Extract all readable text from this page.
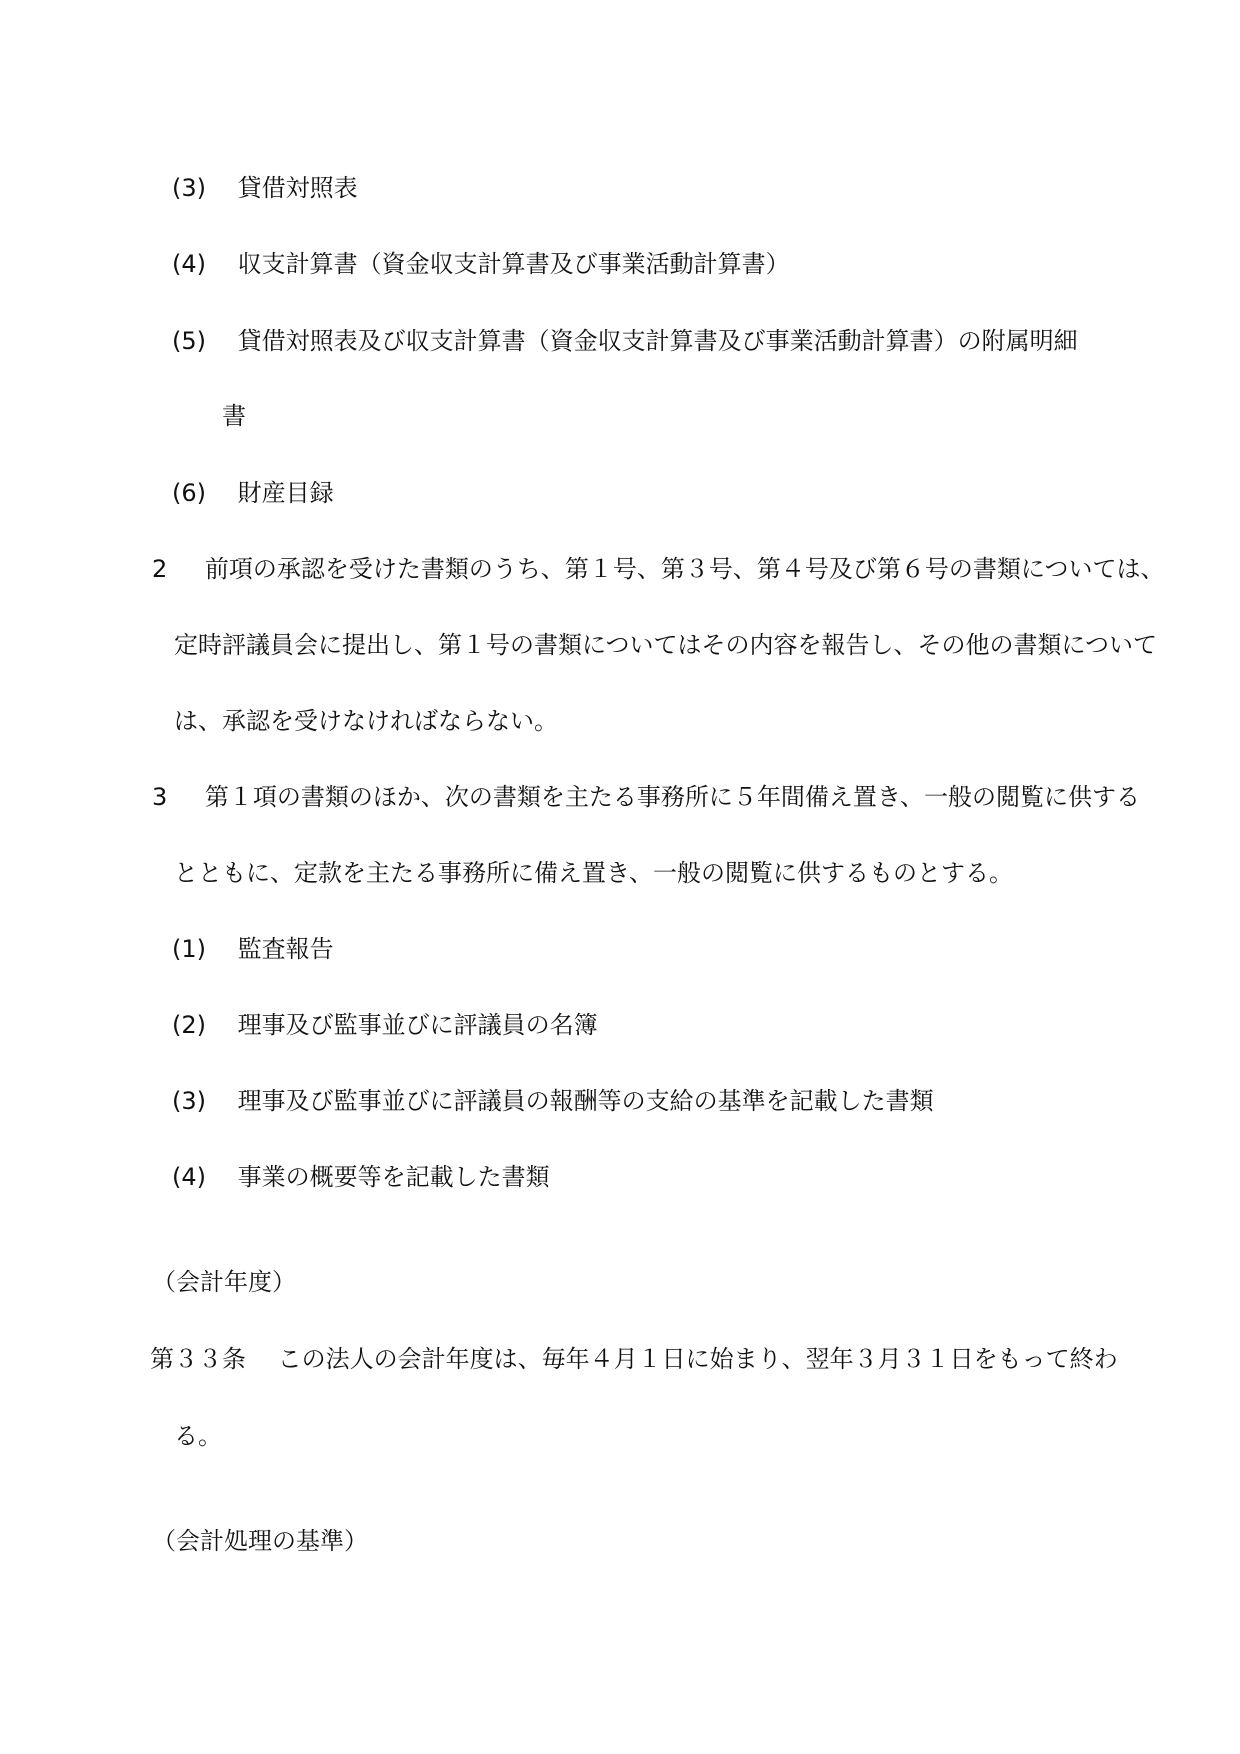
(3) 貸借対照表
(4) 収支計算書（資金収支計算書及び事業活動計算書）
(5) 貸借対照表及び収支計算書（資金収支計算書及び事業活動計算書）の附属明細
書
(6) 財産目録
2 前項の承認を受けた書類のうち、第１号、第３号、第４号及び第６号の書類については、
定時評議員会に提出し、第１号の書類についてはその内容を報告し、その他の書類について
は、承認を受けなければならない。
3 第１項の書類のほか、次の書類を主たる事務所に５年間備え置き、一般の閲覧に供する
とともに、定款を主たる事務所に備え置き、一般の閲覧に供するものとする。
(1) 監査報告
(2) 理事及び監事並びに評議員の名簿
(3) 理事及び監事並びに評議員の報酬等の支給の基準を記載した書類
(4) 事業の概要等を記載した書類
（会計年度）
第３３条 この法人の会計年度は、毎年４月１日に始まり、翌年３月３１日をもって終わ
る。
（会計処理の基準）
